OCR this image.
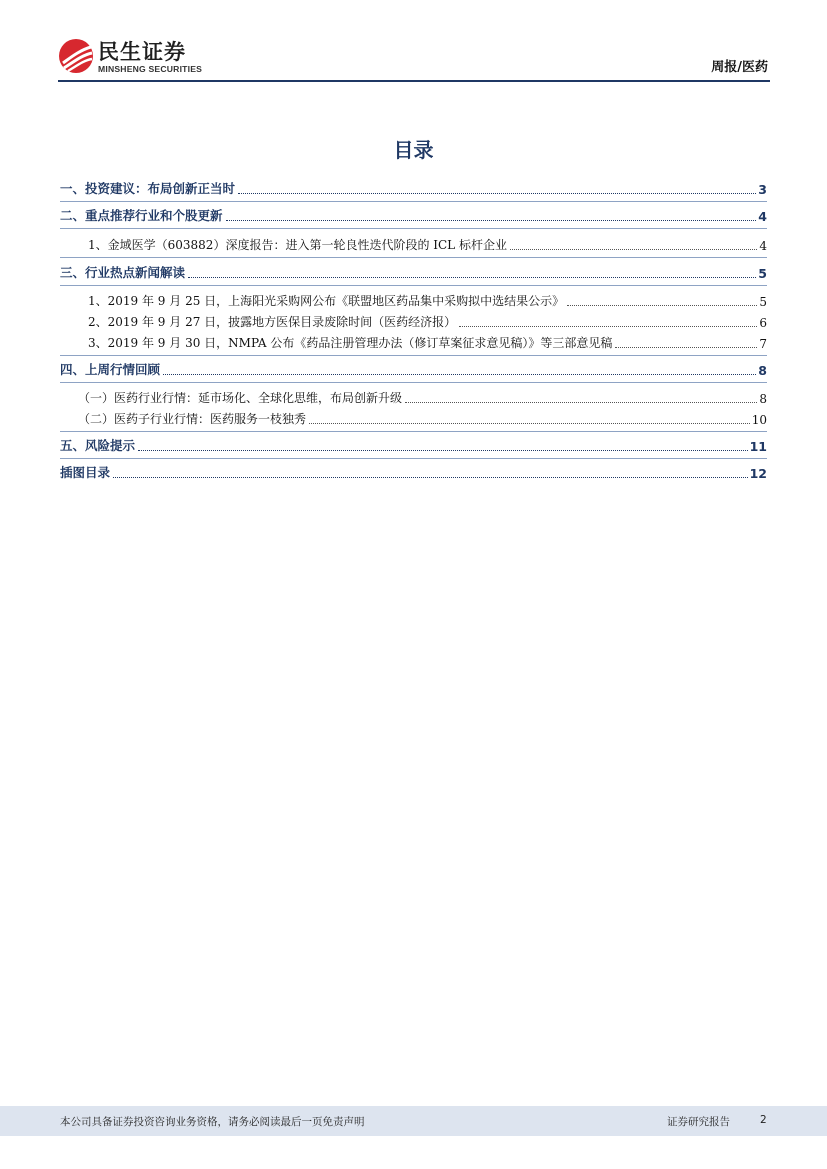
民生证券
MINSHENG SECURITIES	周报/医药
目录
一、投资建议：布局创新正当时	3
二、重点推荐行业和个股更新	4
1、金域医学（603882）深度报告：进入第一轮良性迭代阶段的 ICL 标杆企业	4
三、行业热点新闻解读	5
1、2019 年 9 月 25 日，上海阳光采购网公布《联盟地区药品集中采购拟中选结果公示》	5
2、2019 年 9 月 27 日，披露地方医保目录废除时间（医药经济报）	6
3、2019 年 9 月 30 日，NMPA 公布《药品注册管理办法（修订草案征求意见稿）》等三部意见稿	7
四、上周行情回顾	8
（一）医药行业行情：延市场化、全球化思维，布局创新升级	8
（二）医药子行业行情：医药服务一枝独秀	10
五、风险提示	11
插图目录	12
本公司具备证券投资咨询业务资格，请务必阅读最后一页免责声明	证券研究报告	2
